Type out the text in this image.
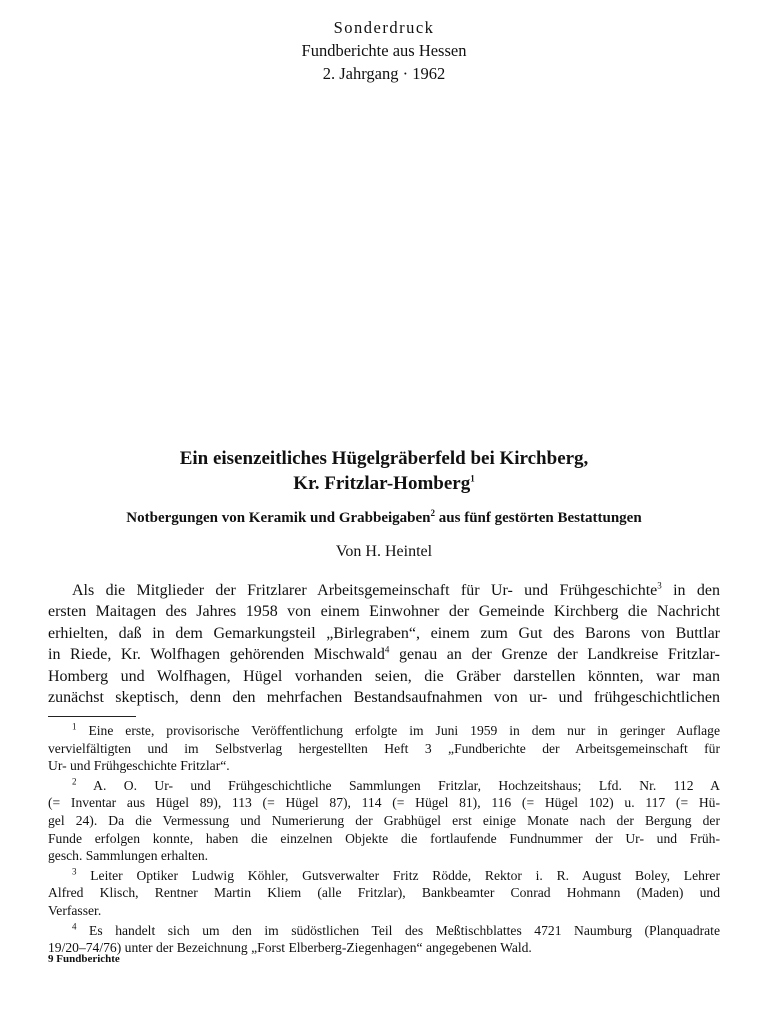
Sonderdruck
Fundberichte aus Hessen
2. Jahrgang · 1962

Ein eisenzeitliches Hügelgräberfeld bei Kirchberg,
Kr. Fritzlar-Homberg$^1$

Notbergungen von Keramik und Grabbeigaben$^2$ aus fünf gestörten Bestattungen

Von H. Heintel

Als die Mitglieder der Fritzlarer Arbeitsgemeinschaft für Ur- und Frühgeschichte$^3$ in den
ersten Maitagen des Jahres 1958 von einem Einwohner der Gemeinde Kirchberg die Nachricht
erhielten, daß in dem Gemarkungsteil „Birlegraben“, einem zum Gut des Barons von Buttlar
in Riede, Kr. Wolfhagen gehörenden Mischwald$^4$ genau an der Grenze der Landkreise Fritzlar-
Homberg und Wolfhagen, Hügel vorhanden seien, die Gräber darstellen könnten, war man
zunächst skeptisch, denn den mehrfachen Bestandsaufnahmen von ur- und frühgeschichtlichen
$^1$ Eine erste, provisorische Veröffentlichung erfolgte im Juni 1959 in dem nur in geringer Auflage
vervielfältigten und im Selbstverlag hergestellten Heft 3 „Fundberichte der Arbeitsgemeinschaft für
Ur- und Frühgeschichte Fritzlar“.
$^2$ A. O. Ur- und Frühgeschichtliche Sammlungen Fritzlar, Hochzeitshaus; Lfd. Nr. 112 A
(= Inventar aus Hügel 89), 113 (= Hügel 87), 114 (= Hügel 81), 116 (= Hügel 102) u. 117 (= Hü-
gel 24). Da die Vermessung und Numerierung der Grabhügel erst einige Monate nach der Bergung der
Funde erfolgen konnte, haben die einzelnen Objekte die fortlaufende Fundnummer der Ur- und Früh-
gesch. Sammlungen erhalten.
$^3$ Leiter Optiker Ludwig Köhler, Gutsverwalter Fritz Rödde, Rektor i. R. August Boley, Lehrer
Alfred Klisch, Rentner Martin Kliem (alle Fritzlar), Bankbeamter Conrad Hohmann (Maden) und
Verfasser.
$^4$ Es handelt sich um den im südöstlichen Teil des Meßtischblattes 4721 Naumburg (Planquadrate
19/20–74/76) unter der Bezeichnung „Forst Elberberg-Ziegenhagen“ angegebenen Wald.
9 Fundberichte
